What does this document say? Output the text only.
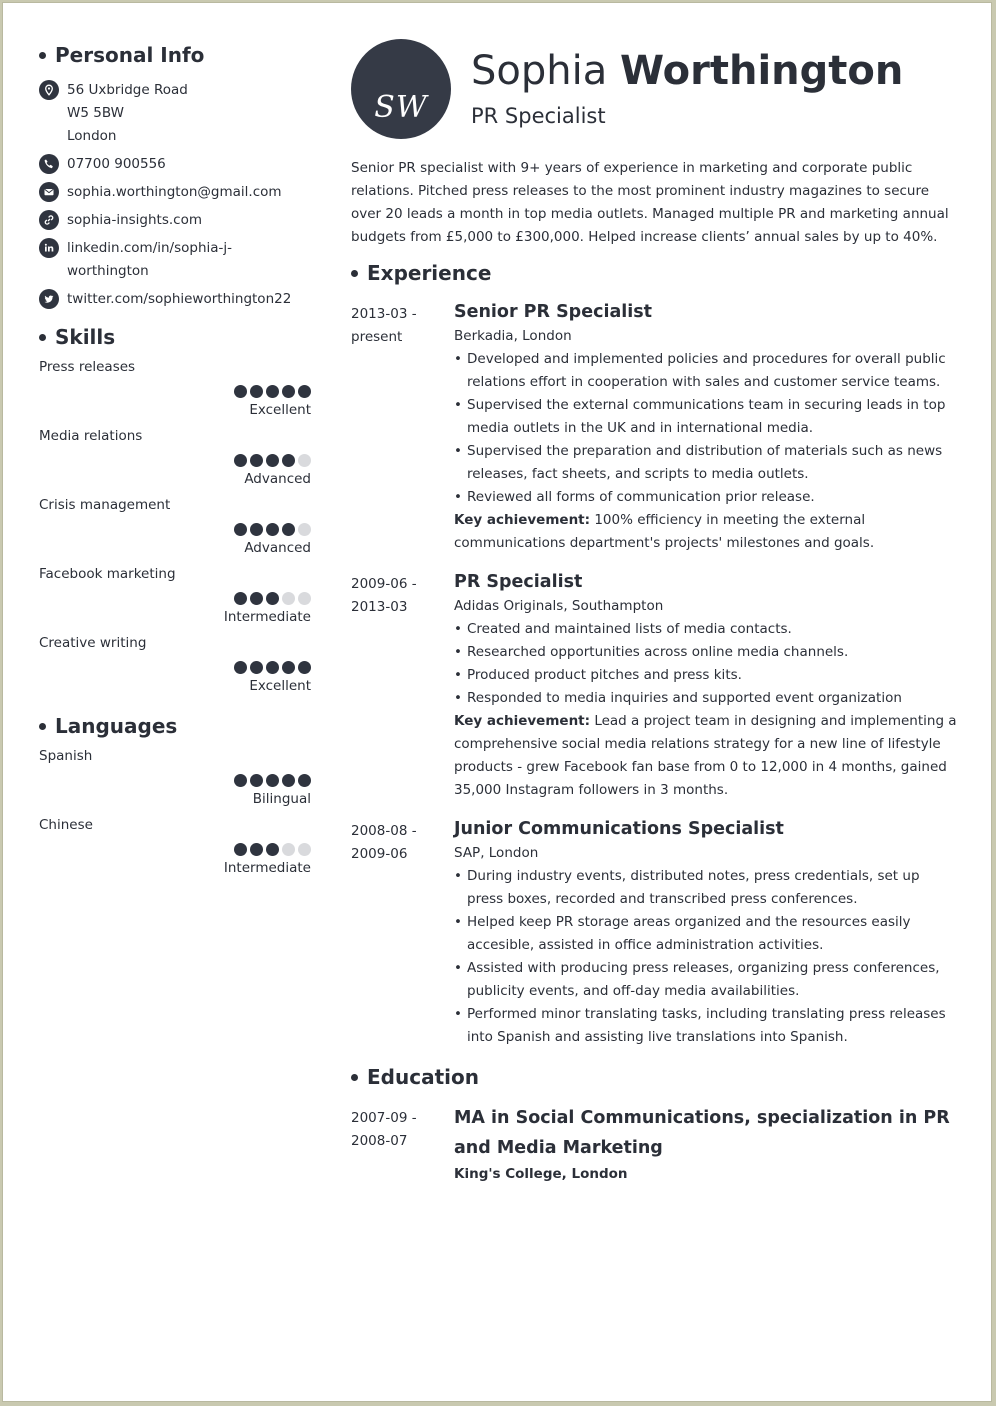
Personal Info
56 Uxbridge Road
W5 5BW
London
07700 900556
sophia.worthington@gmail.com
sophia-insights.com
linkedin.com/in/sophia-j-
worthington
twitter.com/sophieworthington22
Skills
Press releases
Excellent
Media relations
Advanced
Crisis management
Advanced
Facebook marketing
Intermediate
Creative writing
Excellent
Languages
Spanish
Bilingual
Chinese
Intermediate
SW
Sophia Worthington
PR Specialist

Senior PR specialist with 9+ years of experience in marketing and corporate public relations. Pitched press releases to the most prominent industry magazines to secure over 20 leads a month in top media outlets. Managed multiple PR and marketing annual budgets from £5,000 to £300,000. Helped increase clients’ annual sales by up to 40%.

Experience
2013-03 -
present
Senior PR Specialist
Berkadia, London
• Developed and implemented policies and procedures for overall public relations effort in cooperation with sales and customer service teams.
• Supervised the external communications team in securing leads in top media outlets in the UK and in international media.
• Supervised the preparation and distribution of materials such as news releases, fact sheets, and scripts to media outlets.
• Reviewed all forms of communication prior release.
Key achievement: 100% efficiency in meeting the external communications department's projects' milestones and goals.
2009-06 -
2013-03
PR Specialist
Adidas Originals, Southampton
• Created and maintained lists of media contacts.
• Researched opportunities across online media channels.
• Produced product pitches and press kits.
• Responded to media inquiries and supported event organization
Key achievement: Lead a project team in designing and implementing a comprehensive social media relations strategy for a new line of lifestyle products - grew Facebook fan base from 0 to 12,000 in 4 months, gained 35,000 Instagram followers in 3 months.
2008-08 -
2009-06
Junior Communications Specialist
SAP, London
• During industry events, distributed notes, press credentials, set up press boxes, recorded and transcribed press conferences.
• Helped keep PR storage areas organized and the resources easily accesible, assisted in office administration activities.
• Assisted with producing press releases, organizing press conferences, publicity events, and off-day media availabilities.
• Performed minor translating tasks, including translating press releases into Spanish and assisting live translations into Spanish.
Education
2007-09 -
2008-07
MA in Social Communications, specialization in PR and Media Marketing
King's College, London
